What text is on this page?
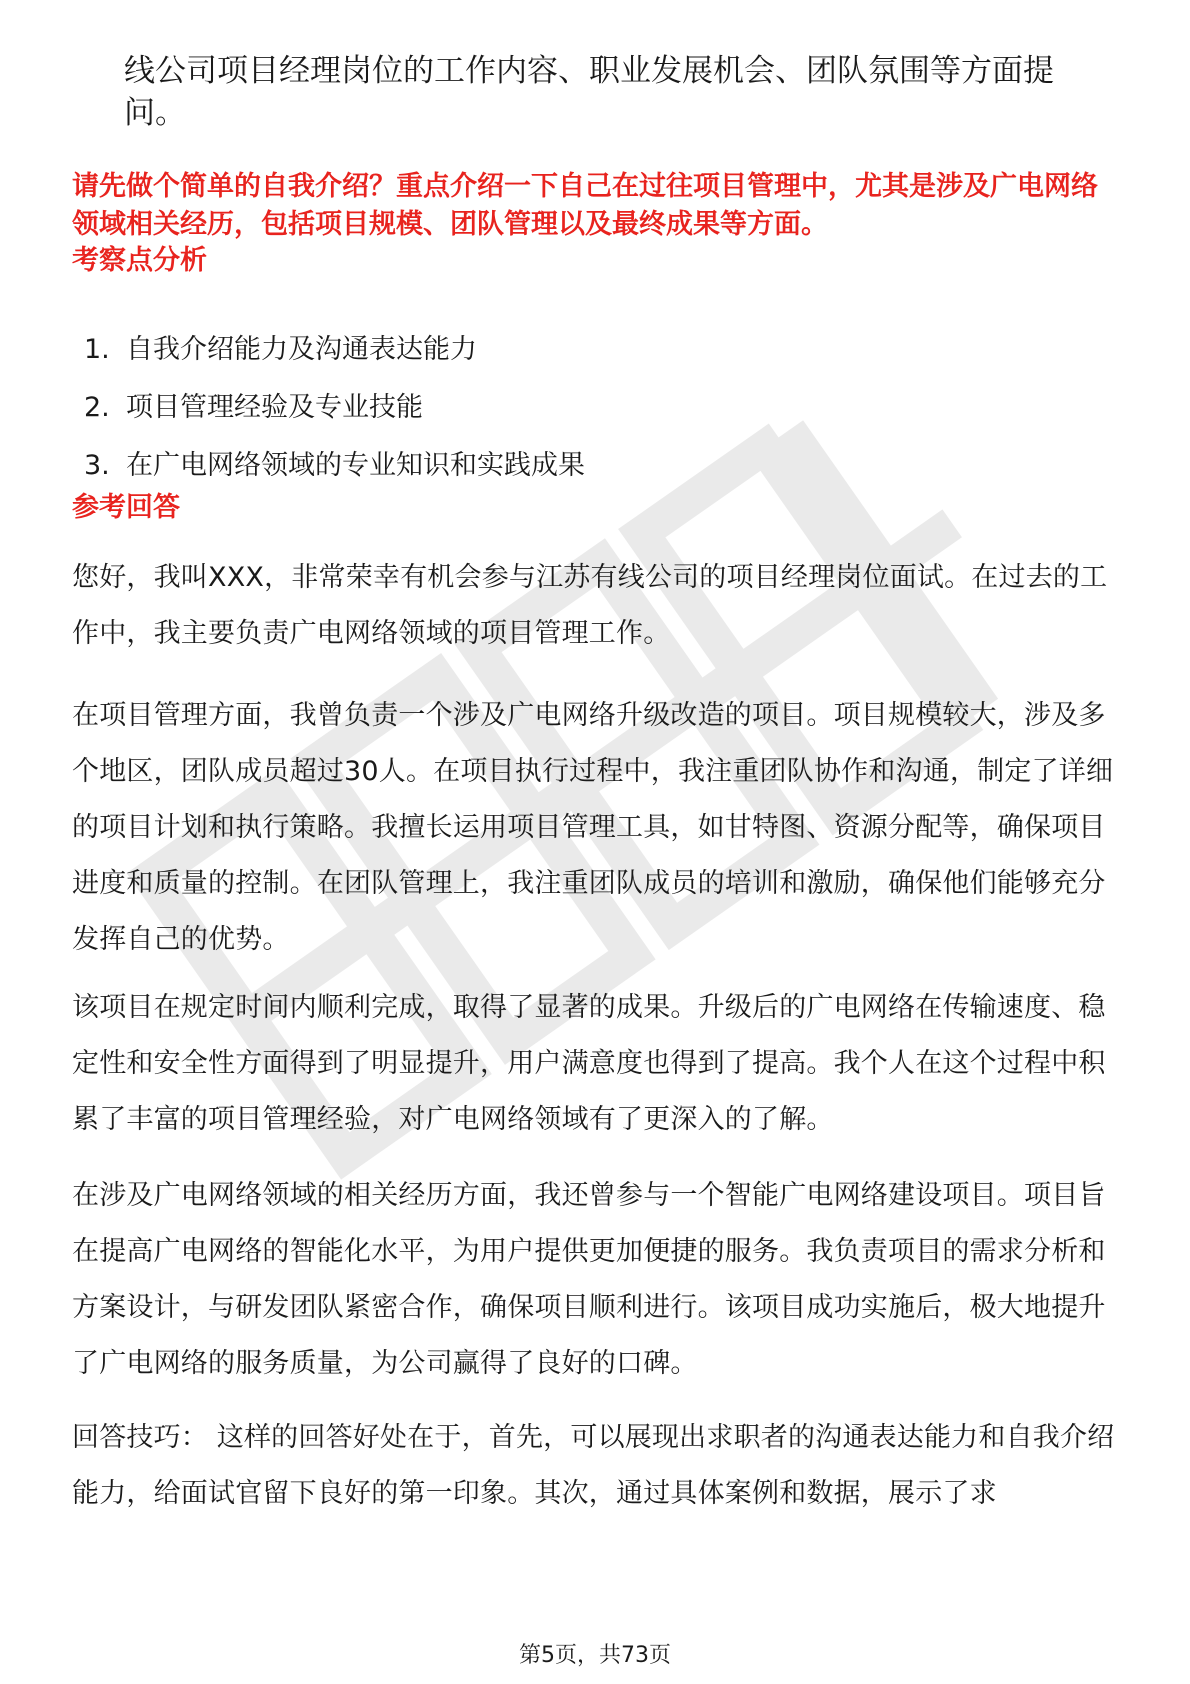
线公司项目经理岗位的工作内容、职业发展机会、团队氛围等方面提问。

请先做个简单的自我介绍？重点介绍一下自己在过往项目管理中，尤其是涉及广电网络领域相关经历，包括项目规模、团队管理以及最终成果等方面。

考察点分析
1. 自我介绍能力及沟通表达能力
2. 项目管理经验及专业技能
3. 在广电网络领域的专业知识和实践成果
参考回答

您好，我叫XXX，非常荣幸有机会参与江苏有线公司的项目经理岗位面试。在过去的工作中，我主要负责广电网络领域的项目管理工作。

在项目管理方面，我曾负责一个涉及广电网络升级改造的项目。项目规模较大，涉及多个地区，团队成员超过30人。在项目执行过程中，我注重团队协作和沟通，制定了详细的项目计划和执行策略。我擅长运用项目管理工具，如甘特图、资源分配等，确保项目进度和质量的控制。在团队管理上，我注重团队成员的培训和激励，确保他们能够充分发挥自己的优势。

该项目在规定时间内顺利完成，取得了显著的成果。升级后的广电网络在传输速度、稳定性和安全性方面得到了明显提升，用户满意度也得到了提高。我个人在这个过程中积累了丰富的项目管理经验，对广电网络领域有了更深入的了解。

在涉及广电网络领域的相关经历方面，我还曾参与一个智能广电网络建设项目。项目旨在提高广电网络的智能化水平，为用户提供更加便捷的服务。我负责项目的需求分析和方案设计，与研发团队紧密合作，确保项目顺利进行。该项目成功实施后，极大地提升了广电网络的服务质量，为公司赢得了良好的口碑。

回答技巧： 这样的回答好处在于，首先，可以展现出求职者的沟通表达能力和自我介绍能力，给面试官留下良好的第一印象。其次，通过具体案例和数据，展示了求

第5页，共73页
